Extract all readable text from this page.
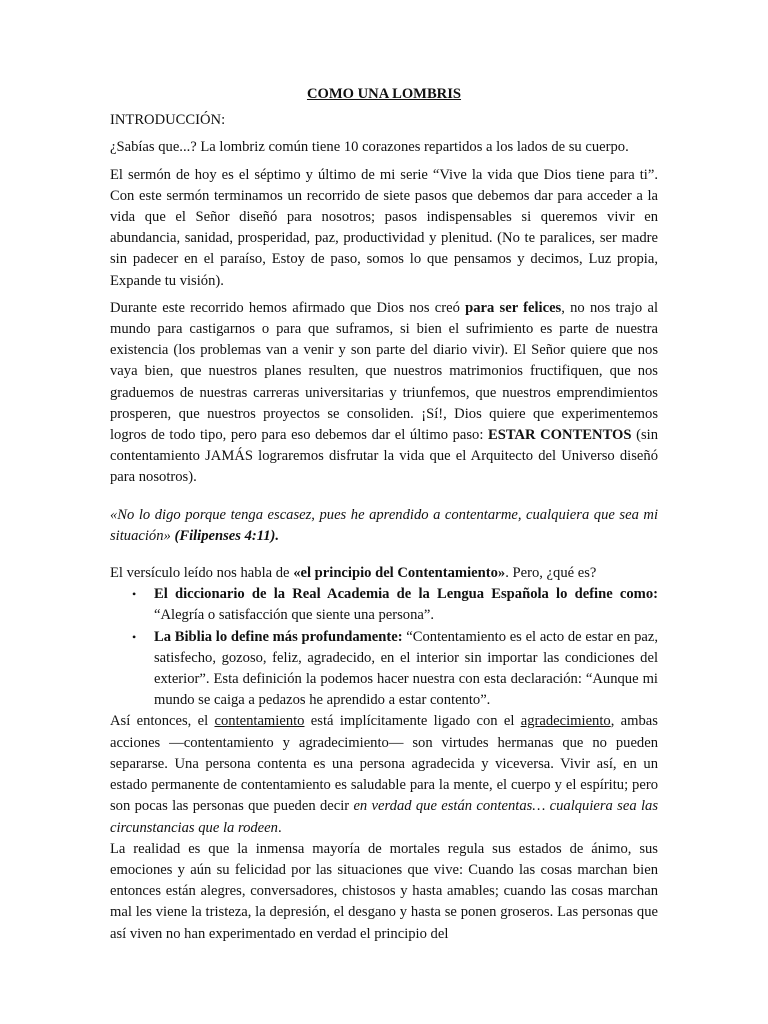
COMO UNA LOMBRIS

INTRODUCCIÓN:

¿Sabías que...? La lombriz común tiene 10 corazones repartidos a los lados de su cuerpo.

El sermón de hoy es el séptimo y último de mi serie “Vive la vida que Dios tiene para ti”. Con este sermón terminamos un recorrido de siete pasos que debemos dar para acceder a la vida que el Señor diseñó para nosotros; pasos indispensables si queremos vivir en abundancia, sanidad, prosperidad, paz, productividad y plenitud. (No te paralices, ser madre sin padecer en el paraíso, Estoy de paso, somos lo que pensamos y decimos, Luz propia, Expande tu visión).

Durante este recorrido hemos afirmado que Dios nos creó para ser felices, no nos trajo al mundo para castigarnos o para que suframos, si bien el sufrimiento es parte de nuestra existencia (los problemas van a venir y son parte del diario vivir). El Señor quiere que nos vaya bien, que nuestros planes resulten, que nuestros matrimonios fructifiquen, que nos graduemos de nuestras carreras universitarias y triunfemos, que nuestros emprendimientos prosperen, que nuestros proyectos se consoliden. ¡Sí!, Dios quiere que experimentemos logros de todo tipo, pero para eso debemos dar el último paso: ESTAR CONTENTOS (sin contentamiento JAMÁS lograremos disfrutar la vida que el Arquitecto del Universo diseñó para nosotros).

«No lo digo porque tenga escasez, pues he aprendido a contentarme, cualquiera que sea mi situación» (Filipenses 4:11).

El versículo leído nos habla de «el principio del Contentamiento». Pero, ¿qué es?

• El diccionario de la Real Academia de la Lengua Española lo define como: “Alegría o satisfacción que siente una persona”.
• La Biblia lo define más profundamente: “Contentamiento es el acto de estar en paz, satisfecho, gozoso, feliz, agradecido, en el interior sin importar las condiciones del exterior”. Esta definición la podemos hacer nuestra con esta declaración: “Aunque mi mundo se caiga a pedazos he aprendido a estar contento”.

Así entonces, el contentamiento está implícitamente ligado con el agradecimiento, ambas acciones —contentamiento y agradecimiento— son virtudes hermanas que no pueden separarse. Una persona contenta es una persona agradecida y viceversa. Vivir así, en un estado permanente de contentamiento es saludable para la mente, el cuerpo y el espíritu; pero son pocas las personas que pueden decir en verdad que están contentas… cualquiera sea las circunstancias que la rodeen.

La realidad es que la inmensa mayoría de mortales regula sus estados de ánimo, sus emociones y aún su felicidad por las situaciones que vive: Cuando las cosas marchan bien entonces están alegres, conversadores, chistosos y hasta amables; cuando las cosas marchan mal les viene la tristeza, la depresión, el desgano y hasta se ponen groseros. Las personas que así viven no han experimentado en verdad el principio del
